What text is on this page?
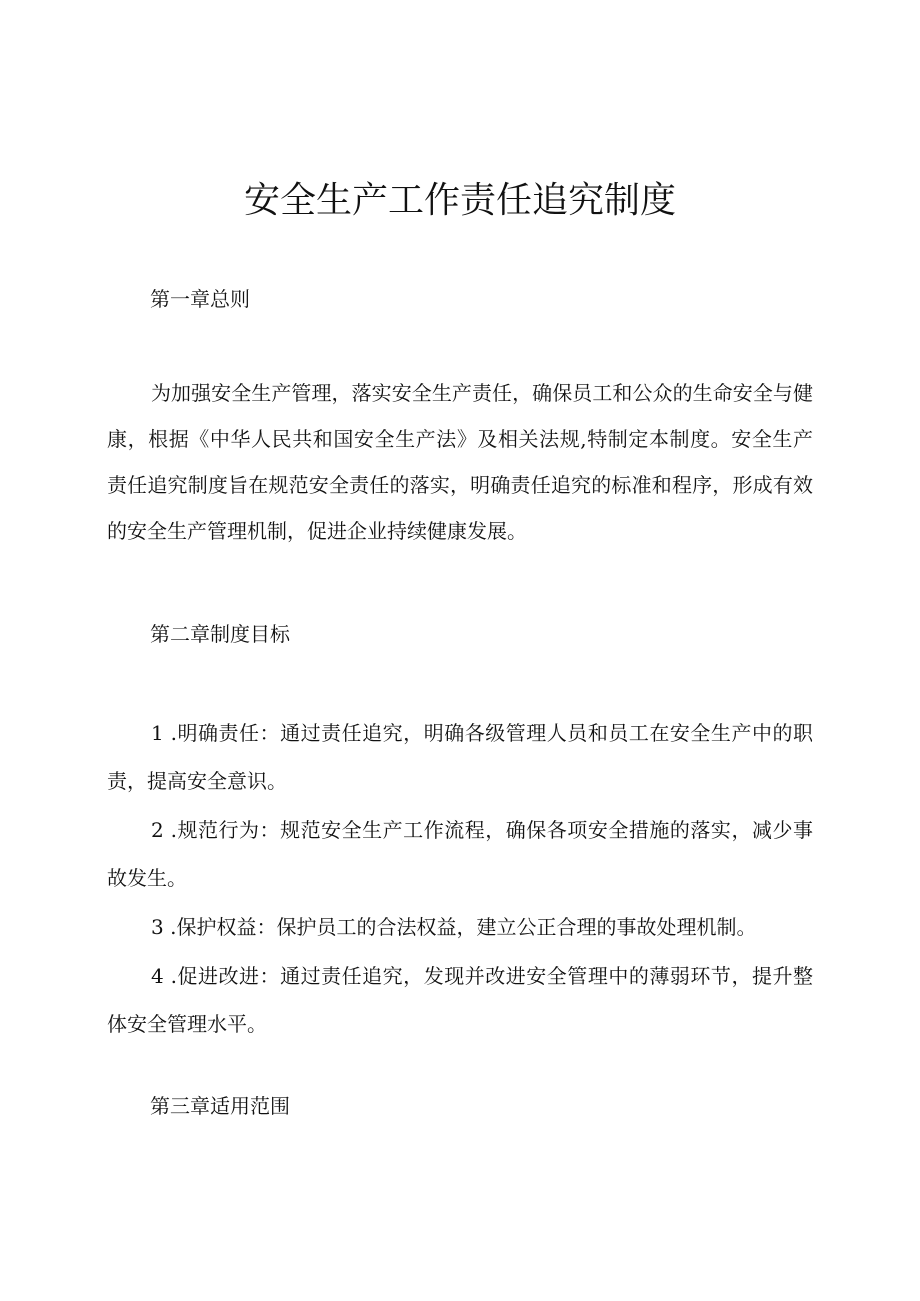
安全生产工作责任追究制度

第一章总则

为加强安全生产管理，落实安全生产责任，确保员工和公众的生命安全与健康，根据《中华人民共和国安全生产法》及相关法规,特制定本制度。安全生产责任追究制度旨在规范安全责任的落实，明确责任追究的标准和程序，形成有效的安全生产管理机制，促进企业持续健康发展。

第二章制度目标

1 .明确责任：通过责任追究，明确各级管理人员和员工在安全生产中的职责，提高安全意识。

2 .规范行为：规范安全生产工作流程，确保各项安全措施的落实，减少事故发生。

3 .保护权益：保护员工的合法权益，建立公正合理的事故处理机制。

4 .促进改进：通过责任追究，发现并改进安全管理中的薄弱环节，提升整体安全管理水平。

第三章适用范围
